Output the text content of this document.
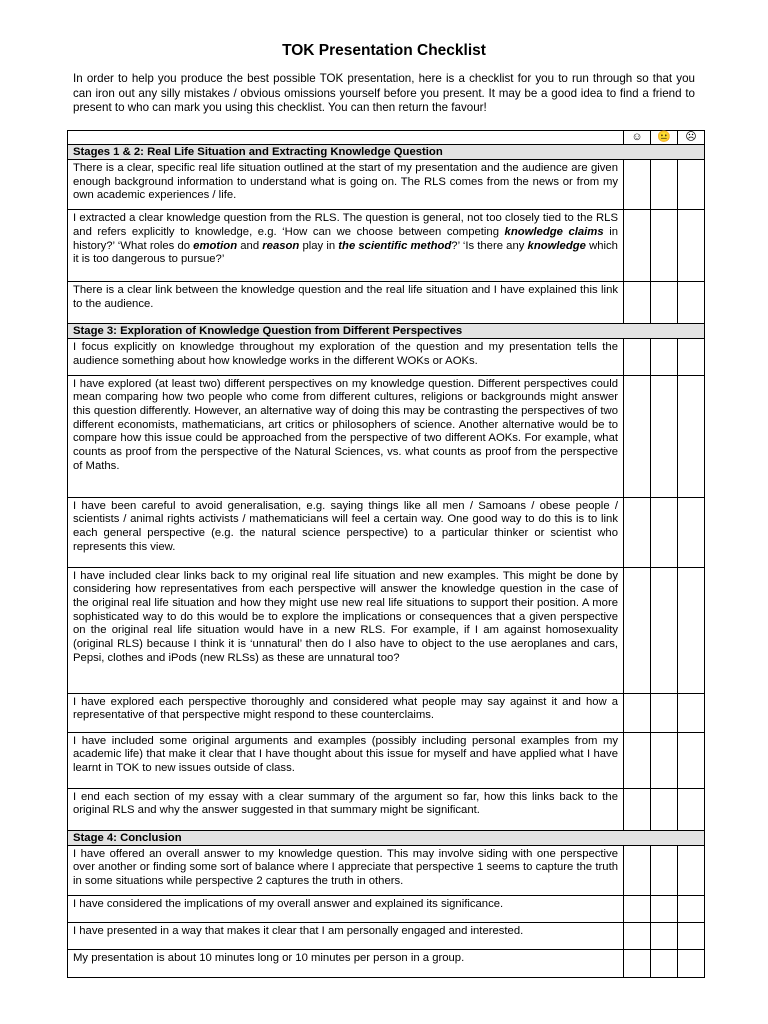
TOK Presentation Checklist
In order to help you produce the best possible TOK presentation, here is a checklist for you to run through so that you can iron out any silly mistakes / obvious omissions yourself before you present. It may be a good idea to find a friend to present to who can mark you using this checklist. You can then return the favour!
	☺	😐	☹
Stages 1 & 2: Real Life Situation and Extracting Knowledge Question			
There is a clear, specific real life situation outlined at the start of my presentation and the audience are given enough background information to understand what is going on. The RLS comes from the news or from my own academic experiences / life.			
I extracted a clear knowledge question from the RLS. The question is general, not too closely tied to the RLS and refers explicitly to knowledge, e.g. ‘How can we choose between competing knowledge claims in history?’ ‘What roles do emotion and reason play in the scientific method?’ ‘Is there any knowledge which it is too dangerous to pursue?’			
There is a clear link between the knowledge question and the real life situation and I have explained this link to the audience.			
Stage 3: Exploration of Knowledge Question from Different Perspectives			
I focus explicitly on knowledge throughout my exploration of the question and my presentation tells the audience something about how knowledge works in the different WOKs or AOKs.			
I have explored (at least two) different perspectives on my knowledge question. Different perspectives could mean comparing how two people who come from different cultures, religions or backgrounds might answer this question differently. However, an alternative way of doing this may be contrasting the perspectives of two different economists, mathematicians, art critics or philosophers of science. Another alternative would be to compare how this issue could be approached from the perspective of two different AOKs. For example, what counts as proof from the perspective of the Natural Sciences, vs. what counts as proof from the perspective of Maths.			
I have been careful to avoid generalisation, e.g. saying things like all men / Samoans / obese people / scientists / animal rights activists / mathematicians will feel a certain way. One good way to do this is to link each general perspective (e.g. the natural science perspective) to a particular thinker or scientist who represents this view.			
I have included clear links back to my original real life situation and new examples. This might be done by considering how representatives from each perspective will answer the knowledge question in the case of the original real life situation and how they might use new real life situations to support their position. A more sophisticated way to do this would be to explore the implications or consequences that a given perspective on the original real life situation would have in a new RLS. For example, if I am against homosexuality (original RLS) because I think it is ‘unnatural’ then do I also have to object to the use aeroplanes and cars, Pepsi, clothes and iPods (new RLSs) as these are unnatural too?			
I have explored each perspective thoroughly and considered what people may say against it and how a representative of that perspective might respond to these counterclaims.			
I have included some original arguments and examples (possibly including personal examples from my academic life) that make it clear that I have thought about this issue for myself and have applied what I have learnt in TOK to new issues outside of class.			
I end each section of my essay with a clear summary of the argument so far, how this links back to the original RLS and why the answer suggested in that summary might be significant.			
Stage 4: Conclusion			
I have offered an overall answer to my knowledge question. This may involve siding with one perspective over another or finding some sort of balance where I appreciate that perspective 1 seems to capture the truth in some situations while perspective 2 captures the truth in others.			
I have considered the implications of my overall answer and explained its significance.			
I have presented in a way that makes it clear that I am personally engaged and interested.			
My presentation is about 10 minutes long or 10 minutes per person in a group.			
